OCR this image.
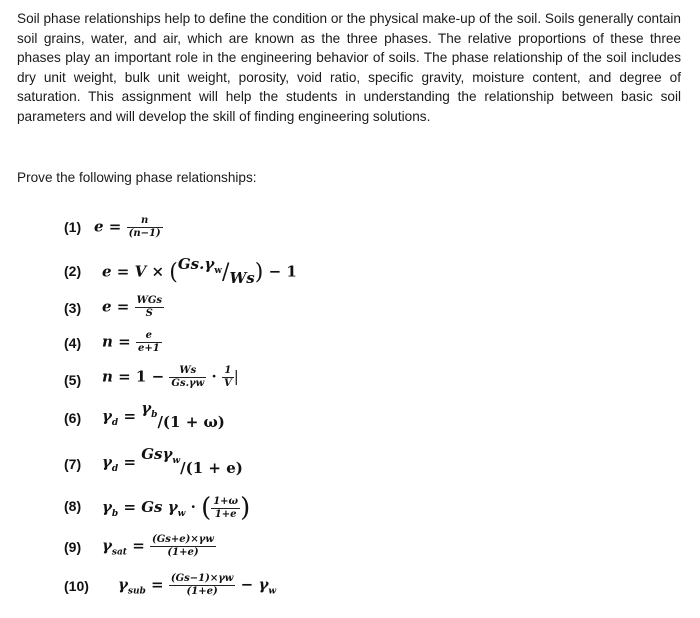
Soil phase relationships help to define the condition or the physical make-up of the soil. Soils generally contain soil grains, water, and air, which are known as the three phases. The relative proportions of these three phases play an important role in the engineering behavior of soils. The phase relationship of the soil includes dry unit weight, bulk unit weight, porosity, void ratio, specific gravity, moisture content, and degree of saturation. This assignment will help the students in understanding the relationship between basic soil parameters and will develop the skill of finding engineering solutions.

Prove the following phase relationships:

(1) $e = \frac{n}{(n-1)}$
(2) $e = V \times (Gs.\gamma_w/Ws) - 1$
(3) $e = \frac{\text{WGs}}{S}$
(4) $n = \frac{e}{e+1}$
(5) $n = 1 - \frac{Ws}{Gs.\gamma w} \cdot \frac{1}{V}$ |
(6) $\gamma_d = \gamma_b/(1 + \omega)$
(7) $\gamma_d = Gs\gamma_w/(1 + e)$
(8) $\gamma_b = Gs$ $\gamma_w$ · ( $\frac{1+\omega}{1+e}$ )
(9) $\gamma_{sat} = \frac{(Gs+e)\times\gamma w}{(1+e)}$
(10) $\gamma_{sub} = \frac{(Gs-1)\times\gamma w}{(1+e)} - \gamma_w$
